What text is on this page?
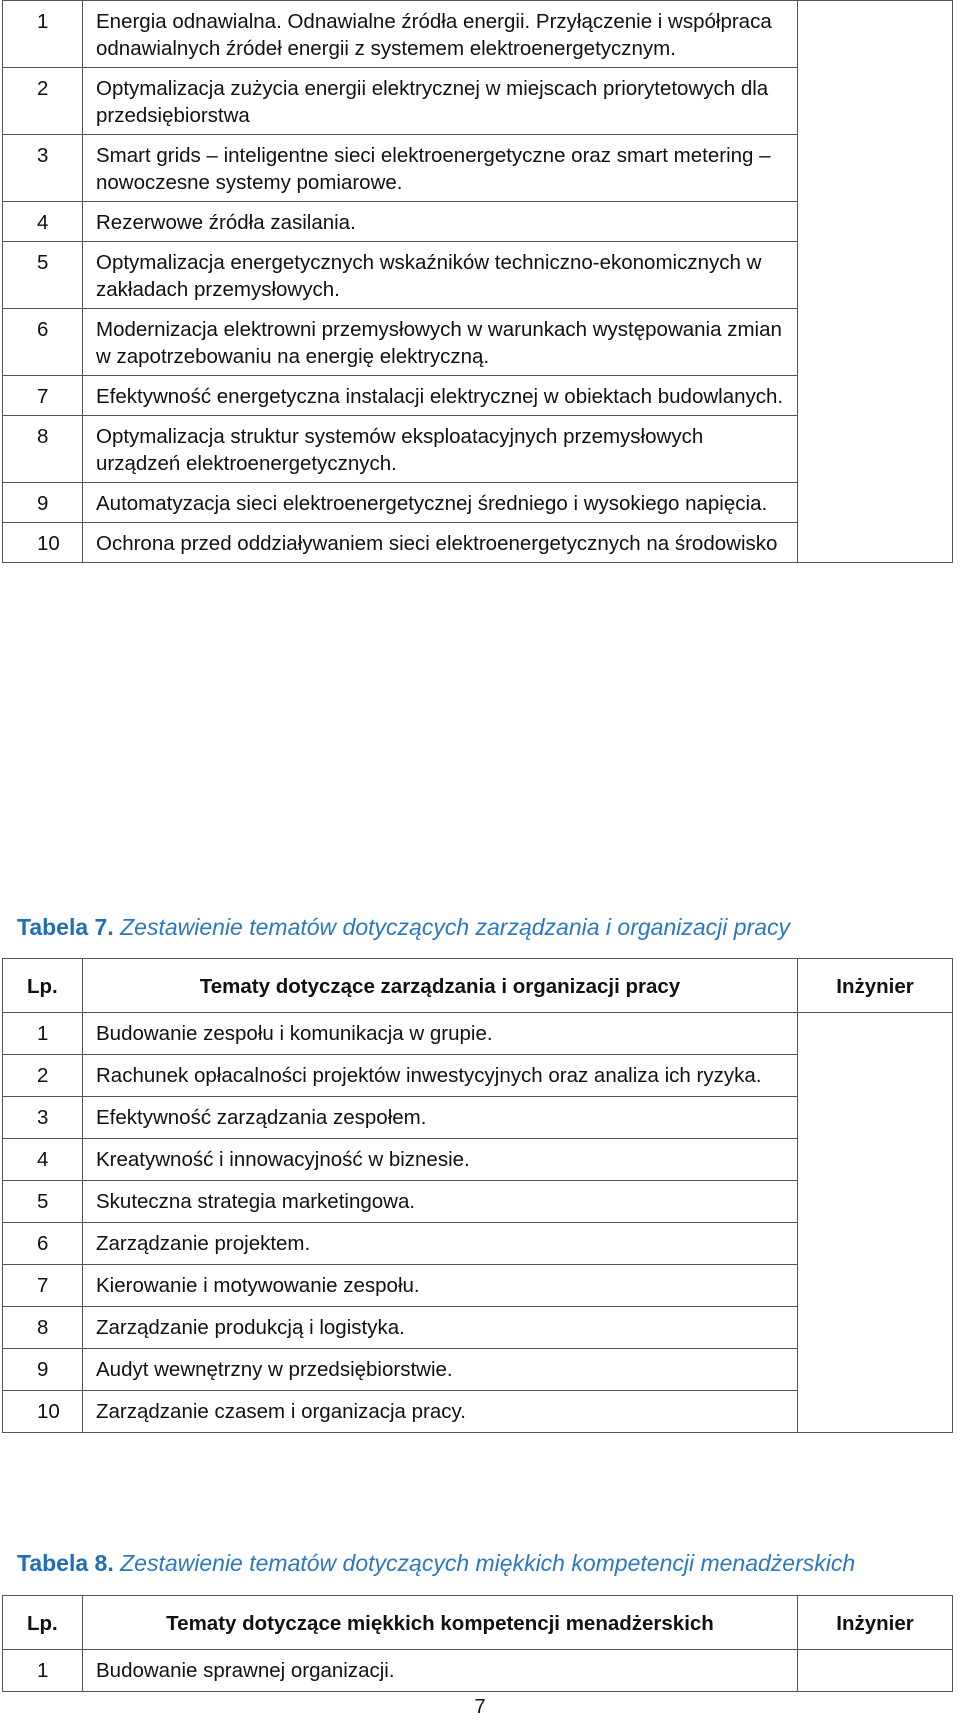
1	Energia odnawialna. Odnawialne źródła energii. Przyłączenie i współpraca odnawialnych źródeł energii z systemem elektroenergetycznym.	
2	Optymalizacja zużycia energii elektrycznej w miejscach priorytetowych dla przedsiębiorstwa	
3	Smart grids – inteligentne sieci elektroenergetyczne oraz smart metering – nowoczesne systemy pomiarowe.	
4	Rezerwowe źródła zasilania.	
5	Optymalizacja energetycznych wskaźników techniczno-ekonomicznych w zakładach przemysłowych.	
6	Modernizacja elektrowni przemysłowych w warunkach występowania zmian w zapotrzebowaniu na energię elektryczną.	
7	Efektywność energetyczna instalacji elektrycznej w obiektach budowlanych.	
8	Optymalizacja struktur systemów eksploatacyjnych przemysłowych urządzeń elektroenergetycznych.	
9	Automatyzacja sieci elektroenergetycznej średniego i wysokiego napięcia.	
10	Ochrona przed oddziaływaniem sieci elektroenergetycznych na środowisko	
Tabela 7. Zestawienie tematów dotyczących zarządzania i organizacji pracy
Lp.	Tematy dotyczące zarządzania i organizacji pracy	Inżynier
1	Budowanie zespołu i komunikacja w grupie.	
2	Rachunek opłacalności projektów inwestycyjnych oraz analiza ich ryzyka.	
3	Efektywność zarządzania zespołem.	
4	Kreatywność i innowacyjność w biznesie.	
5	Skuteczna strategia marketingowa.	
6	Zarządzanie projektem.	
7	Kierowanie i motywowanie zespołu.	
8	Zarządzanie produkcją i logistyka.	
9	Audyt wewnętrzny w przedsiębiorstwie.	
10	Zarządzanie czasem i organizacja pracy.	
Tabela 8. Zestawienie tematów dotyczących miękkich kompetencji menadżerskich
Lp.	Tematy dotyczące miękkich kompetencji menadżerskich	Inżynier
1	Budowanie sprawnej organizacji.	
7
